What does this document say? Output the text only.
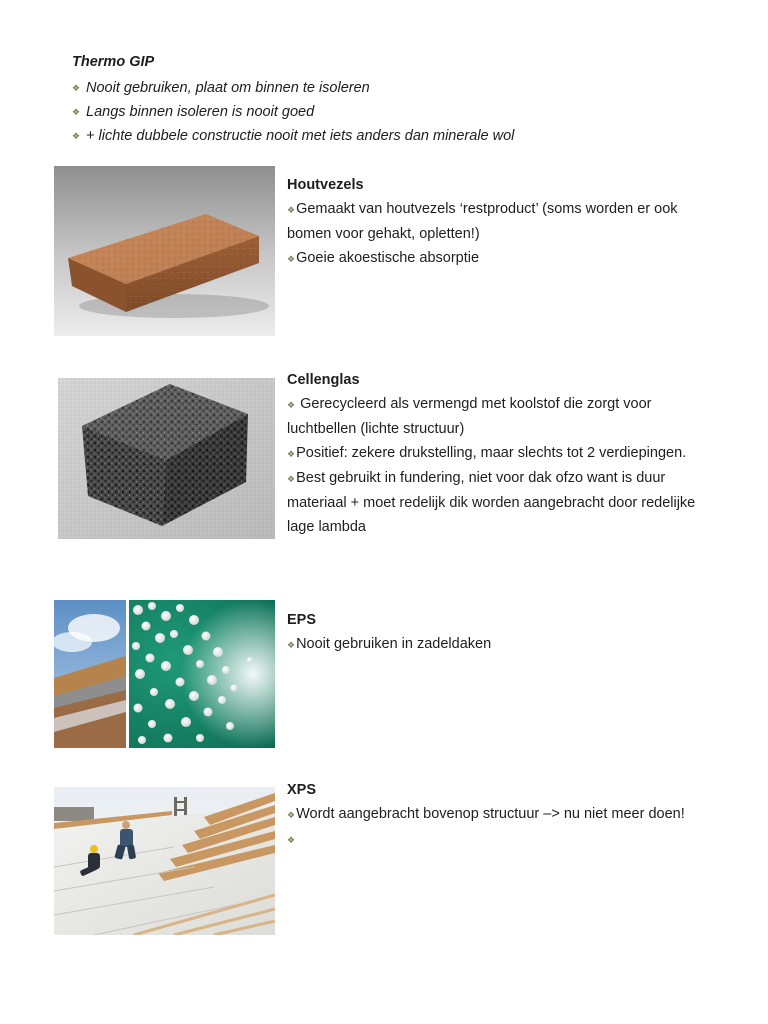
Thermo GIP
❖ Nooit gebruiken, plaat om binnen te isoleren
❖ Langs binnen isoleren is nooit goed
❖ + lichte dubbele constructie nooit met iets anders dan minerale wol
Houtvezels

❖Gemaakt van houtvezels ‘restproduct’ (soms worden er ook bomen voor gehakt, opletten!)

❖Goeie akoestische absorptie

Cellenglas

❖ Gerecycleerd als vermengd met koolstof die zorgt voor luchtbellen (lichte structuur)

❖Positief: zekere drukstelling, maar slechts tot 2 verdiepingen.

❖Best gebruikt in fundering, niet voor dak ofzo want is duur materiaal + moet redelijk dik worden aangebracht door redelijke lage lambda

EPS

❖Nooit gebruiken in zadeldaken

XPS

❖Wordt aangebracht bovenop structuur –> nu niet meer doen!

❖
